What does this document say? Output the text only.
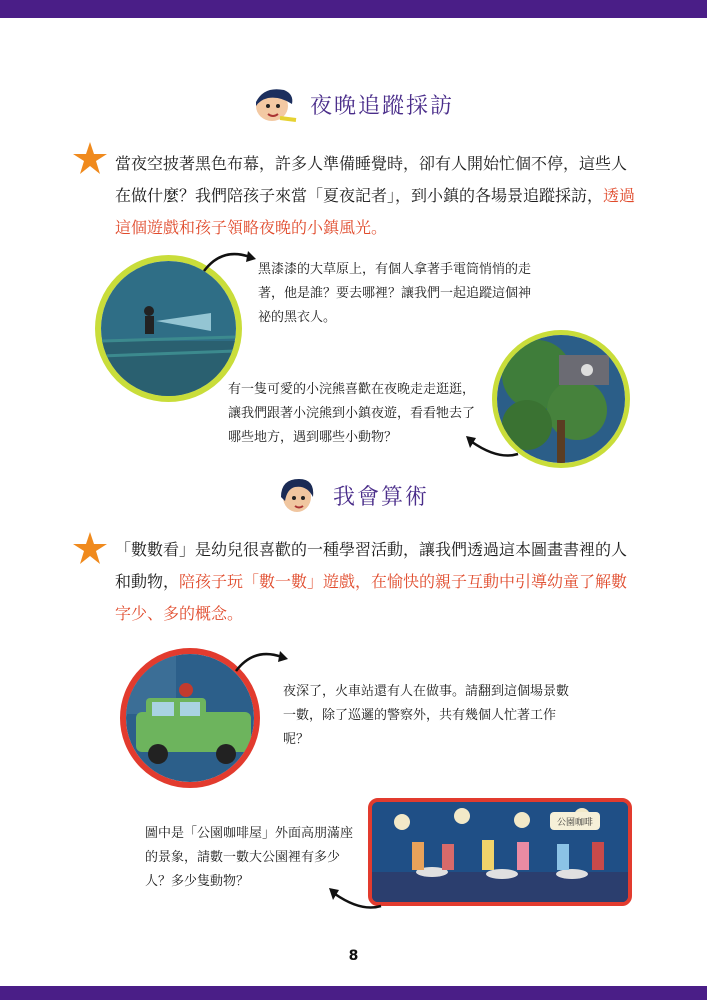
夜晚追蹤採訪

當夜空披著黑色布幕，許多人準備睡覺時，卻有人開始忙個不停，這些人在做什麼？我們陪孩子來當「夏夜記者」，到小鎮的各場景追蹤採訪，透過這個遊戲和孩子領略夜晚的小鎮風光。

黑漆漆的大草原上，有個人拿著手電筒悄悄的走著，他是誰？要去哪裡？讓我們一起追蹤這個神祕的黑衣人。

有一隻可愛的小浣熊喜歡在夜晚走走逛逛，讓我們跟著小浣熊到小鎮夜遊，看看牠去了哪些地方，遇到哪些小動物？

我會算術

「數數看」是幼兒很喜歡的一種學習活動，讓我們透過這本圖畫書裡的人和動物，陪孩子玩「數一數」遊戲，在愉快的親子互動中引導幼童了解數字少、多的概念。

夜深了，火車站還有人在做事。請翻到這個場景數一數，除了巡邏的警察外，共有幾個人忙著工作呢？

公園咖啡

圖中是「公園咖啡屋」外面高朋滿座的景象，請數一數大公園裡有多少人？多少隻動物？

8
